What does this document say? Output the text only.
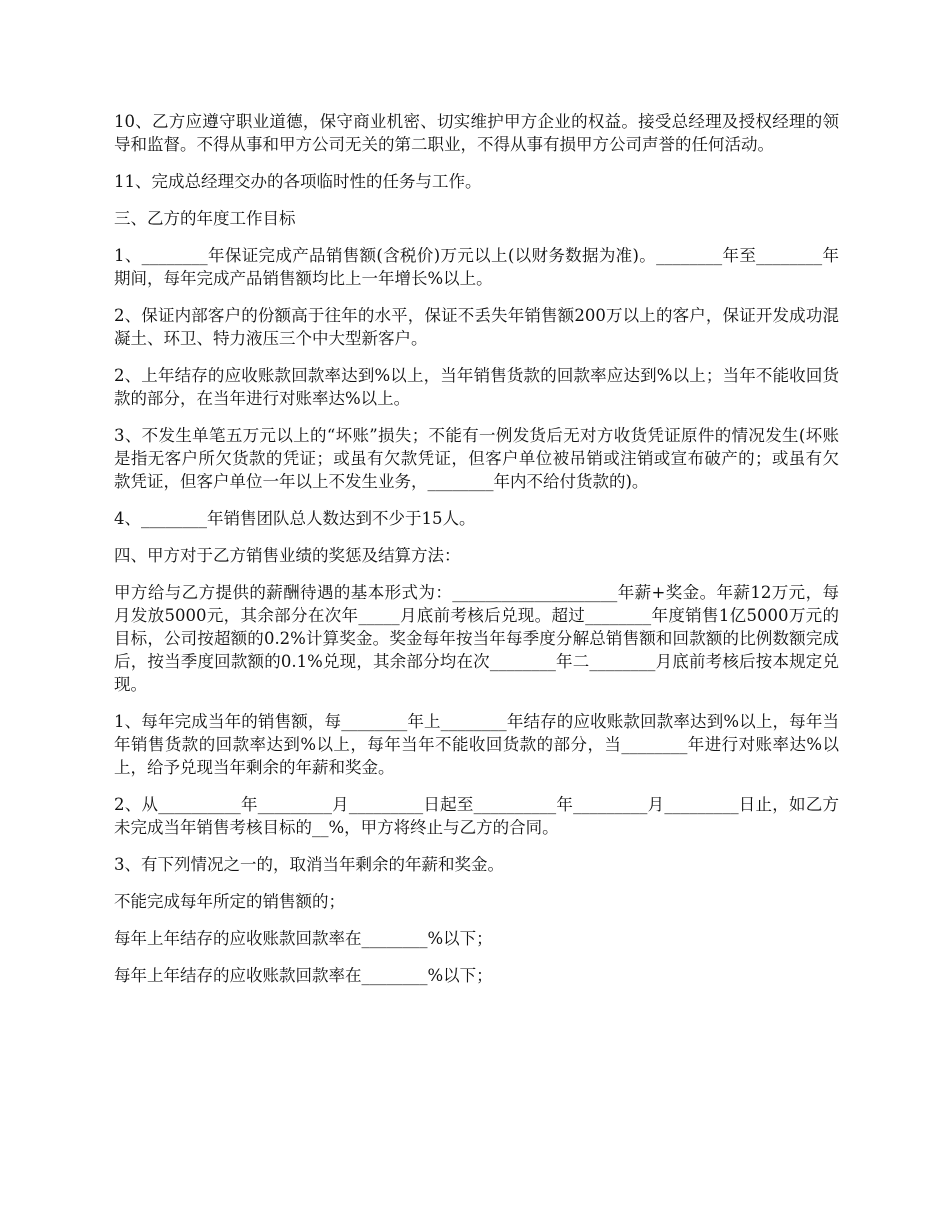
10、乙方应遵守职业道德，保守商业机密、切实维护甲方企业的权益。接受总经理及授权经理的领导和监督。不得从事和甲方公司无关的第二职业，不得从事有损甲方公司声誉的任何活动。

11、完成总经理交办的各项临时性的任务与工作。

三、乙方的年度工作目标

1、________年保证完成产品销售额(含税价)万元以上(以财务数据为准)。________年至________年期间，每年完成产品销售额均比上一年增长%以上。

2、保证内部客户的份额高于往年的水平，保证不丢失年销售额200万以上的客户，保证开发成功混凝土、环卫、特力液压三个中大型新客户。

2、上年结存的应收账款回款率达到%以上，当年销售货款的回款率应达到%以上；当年不能收回货款的部分，在当年进行对账率达%以上。

3、不发生单笔五万元以上的“坏账”损失；不能有一例发货后无对方收货凭证原件的情况发生(坏账是指无客户所欠货款的凭证；或虽有欠款凭证，但客户单位被吊销或注销或宣布破产的；或虽有欠款凭证，但客户单位一年以上不发生业务，________年内不给付货款的)。

4、________年销售团队总人数达到不少于15人。

四、甲方对于乙方销售业绩的奖惩及结算方法：

甲方给与乙方提供的薪酬待遇的基本形式为：____________________年薪+奖金。年薪12万元，每月发放5000元，其余部分在次年_____月底前考核后兑现。超过________年度销售1亿5000万元的目标，公司按超额的0.2%计算奖金。奖金每年按当年每季度分解总销售额和回款额的比例数额完成后，按当季度回款额的0.1%兑现，其余部分均在次________年二________月底前考核后按本规定兑现。

1、每年完成当年的销售额，每________年上________年结存的应收账款回款率达到%以上，每年当年销售货款的回款率达到%以上，每年当年不能收回货款的部分，当________年进行对账率达%以上，给予兑现当年剩余的年薪和奖金。

2、从__________年_________月_________日起至__________年_________月_________日止，如乙方未完成当年销售考核目标的__%，甲方将终止与乙方的合同。

3、有下列情况之一的，取消当年剩余的年薪和奖金。

不能完成每年所定的销售额的；

每年上年结存的应收账款回款率在________%以下；

每年上年结存的应收账款回款率在________%以下；
